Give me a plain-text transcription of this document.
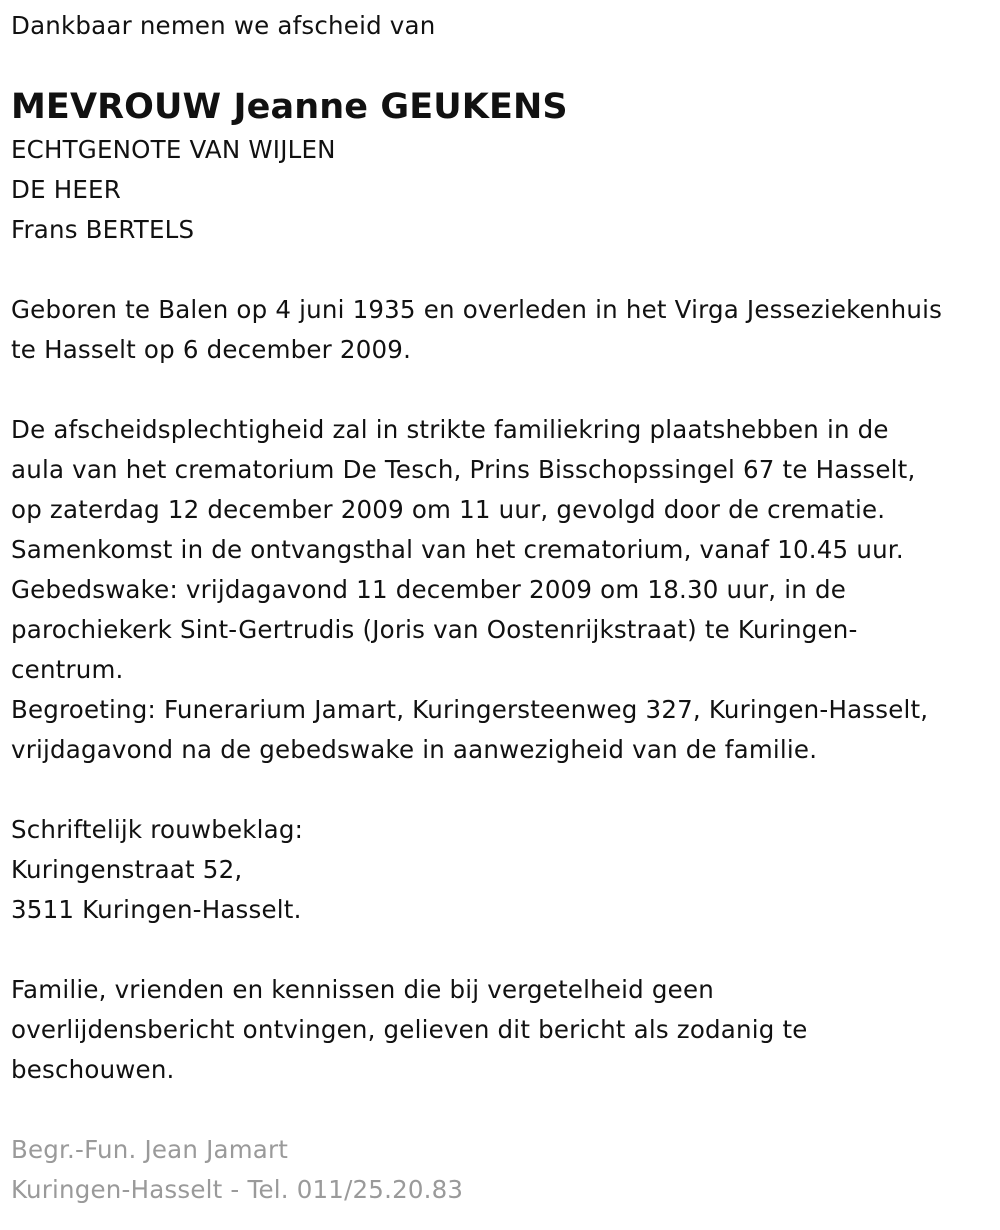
Dankbaar nemen we afscheid van
MEVROUW Jeanne GEUKENS
ECHTGENOTE VAN WIJLEN
DE HEER
Frans BERTELS
Geboren te Balen op 4 juni 1935 en overleden in het Virga Jesseziekenhuis
te Hasselt op 6 december 2009.
De afscheidsplechtigheid zal in strikte familiekring plaatshebben in de
aula van het crematorium De Tesch, Prins Bisschopssingel 67 te Hasselt,
op zaterdag 12 december 2009 om 11 uur, gevolgd door de crematie.
Samenkomst in de ontvangsthal van het crematorium, vanaf 10.45 uur.
Gebedswake: vrijdagavond 11 december 2009 om 18.30 uur, in de
parochiekerk Sint-Gertrudis (Joris van Oostenrijkstraat) te Kuringen-
centrum.
Begroeting: Funerarium Jamart, Kuringersteenweg 327, Kuringen-Hasselt,
vrijdagavond na de gebedswake in aanwezigheid van de familie.
Schriftelijk rouwbeklag:
Kuringenstraat 52,
3511 Kuringen-Hasselt.
Familie, vrienden en kennissen die bij vergetelheid geen
overlijdensbericht ontvingen, gelieven dit bericht als zodanig te
beschouwen.
Begr.-Fun. Jean Jamart
Kuringen-Hasselt - Tel. 011/25.20.83
